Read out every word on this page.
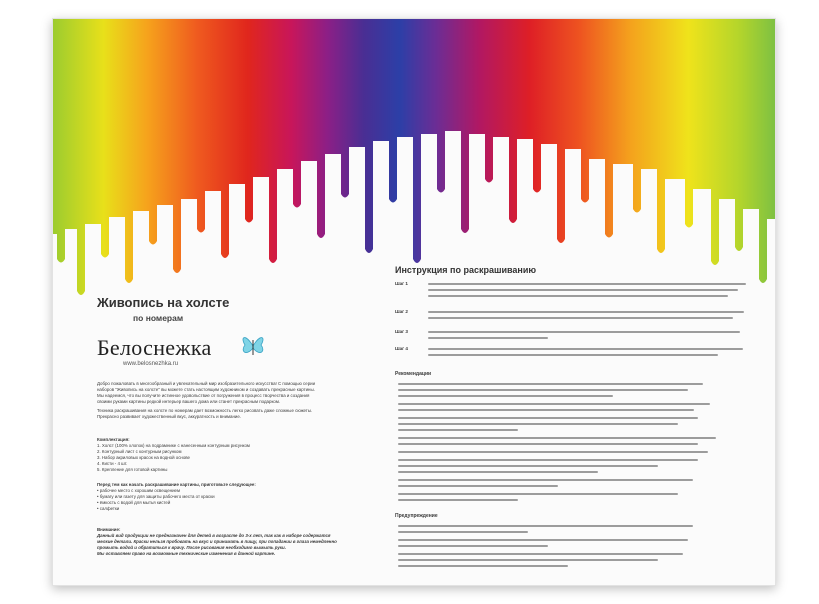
Живопись на холсте
по номерам
Белоснежка
www.belosnezhka.ru
Добро пожаловать в многообразный и увлекательный мир изобразительного искусства! С помощью серии
наборов "Живопись на холсте" вы можете стать настоящим художником и создавать прекрасные картины.
Мы надеемся, что вы получите истинное удовольствие от погружения в процесс творчества и создания
своими руками картины редкой интерьер вашего дома или станет прекрасным подарком.
Техника раскрашивания на холсте по номерам дает возможность легко рисовать даже сложные сюжеты.
Прекрасно развивает художественный вкус, аккуратность и внимание.
Комплектация:
1. Холст (100% хлопок) на подрамнике с нанесенным контурным рисунком
2. Контурный лист с контурным рисунком
3. Набор акриловых красок на водной основе
4. Кисти - 4 шт.
5. Крепление для готовой картины
Перед тем как начать раскрашивание картины, приготовьте следующее:
• рабочее место с хорошим освещением
• бумагу или газету для защиты рабочего места от краски
• ёмкость с водой для мытья кистей
• салфетки
Внимание:
Данный вид продукции не предназначен для детей в возрасте до 3-х лет, так как в наборе содержатся
мелкие детали. Краски нельзя пробовать на вкус и принимать в пищу, при попадании в глаза немедленно
промыть водой и обратиться к врачу. После рисования необходимо вымыть руки.
Мы оставляем право на возможные технические изменения в данной картине.
Инструкция по раскрашиванию
Шаг 1
Шаг 2
Шаг 3
Шаг 4
Рекомендации
Предупреждение
